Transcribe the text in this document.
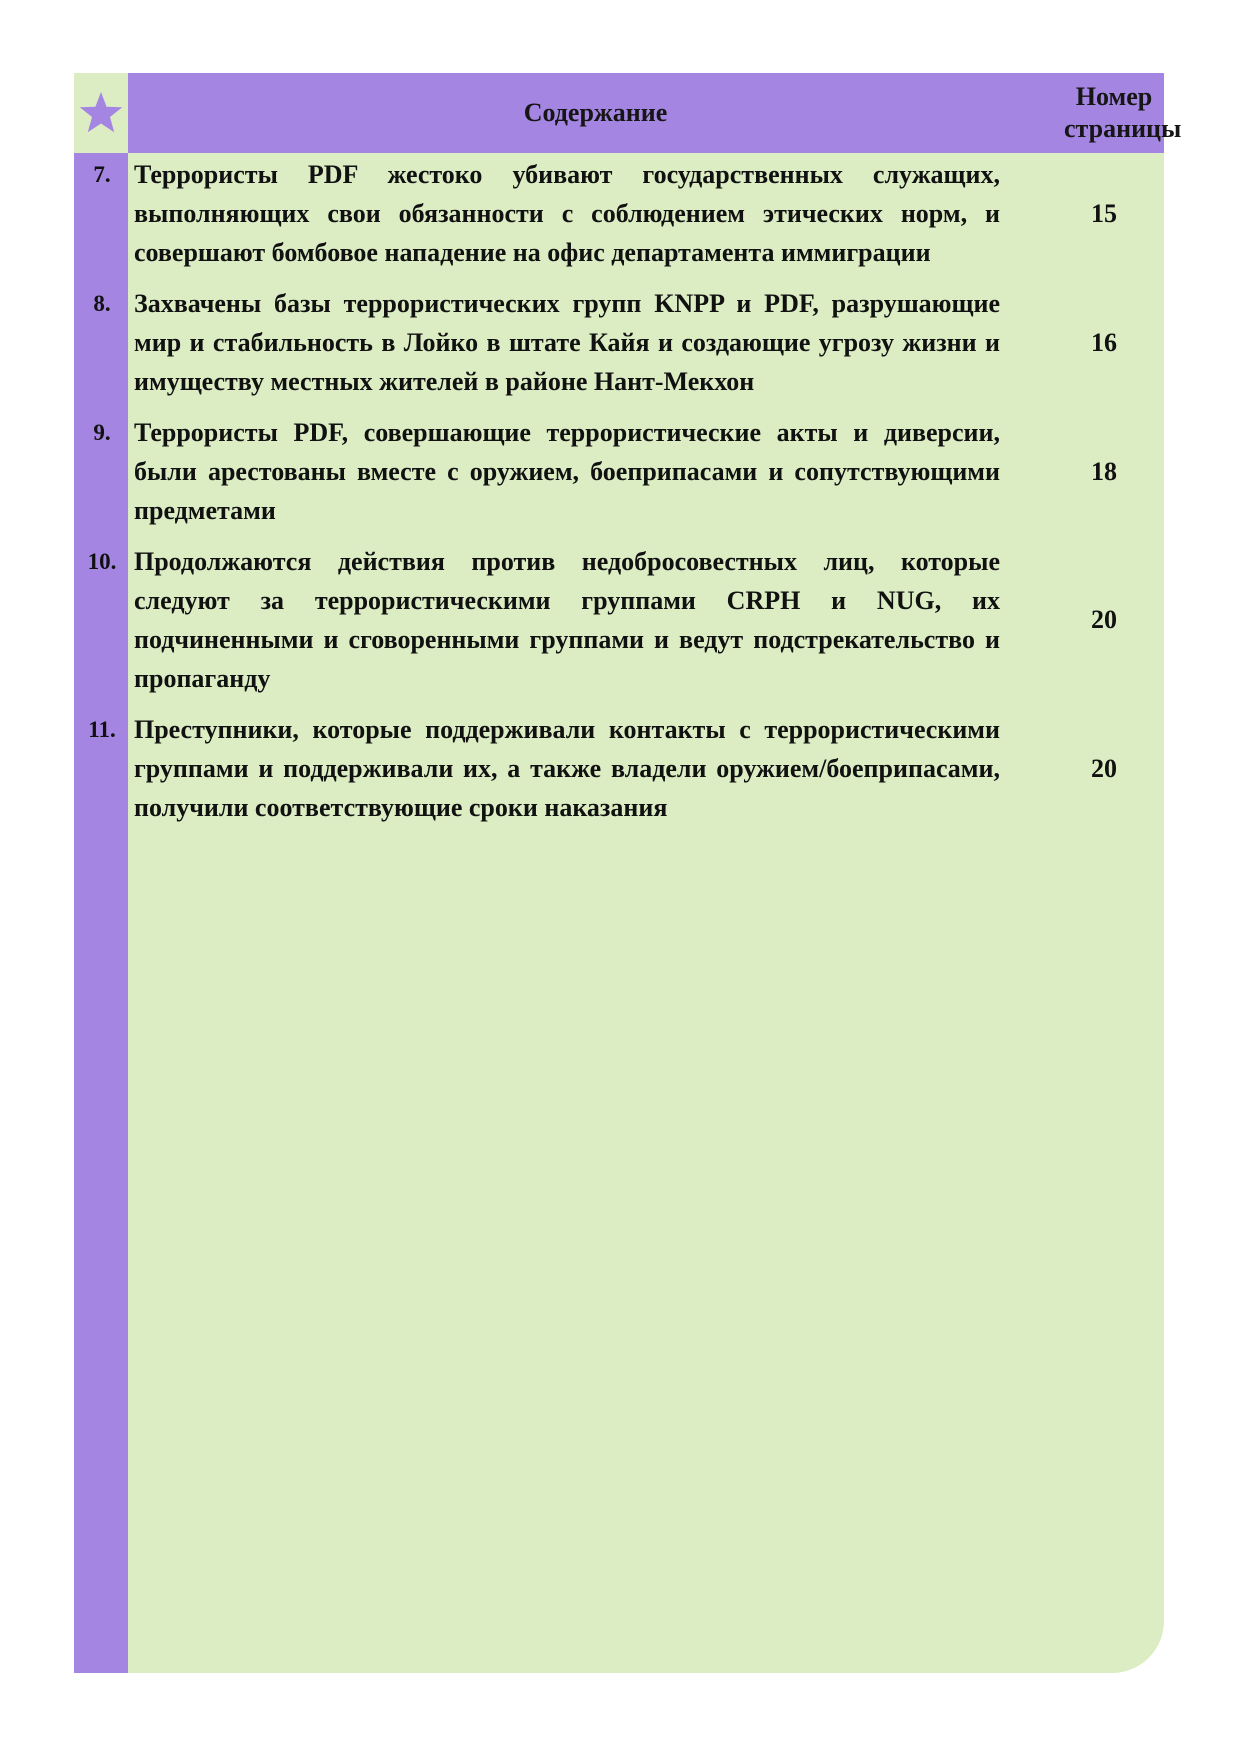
Содержание
Номер страницы
7. Террористы PDF жестоко убивают государственных служащих, выполняющих свои обязанности с соблюдением этических норм, и совершают бомбовое нападение на офис департамента иммиграции
15
8. Захвачены базы террористических групп KNPP и PDF, разрушающие мир и стабильность в Лойко в штате Кайя и создающие угрозу жизни и имуществу местных жителей в районе Нант-Мекхон
16
9. Террористы PDF, совершающие террористические акты и диверсии, были арестованы вместе с оружием, боеприпасами и сопутствующими предметами
18
10. Продолжаются действия против недобросовестных лиц, которые следуют за террористическими группами CRPH и NUG, их подчиненными и сговоренными группами и ведут подстрекательство и пропаганду
20
11. Преступники, которые поддерживали контакты с террористическими группами и поддерживали их, а также владели оружием/боеприпасами, получили соответствующие сроки наказания
20
